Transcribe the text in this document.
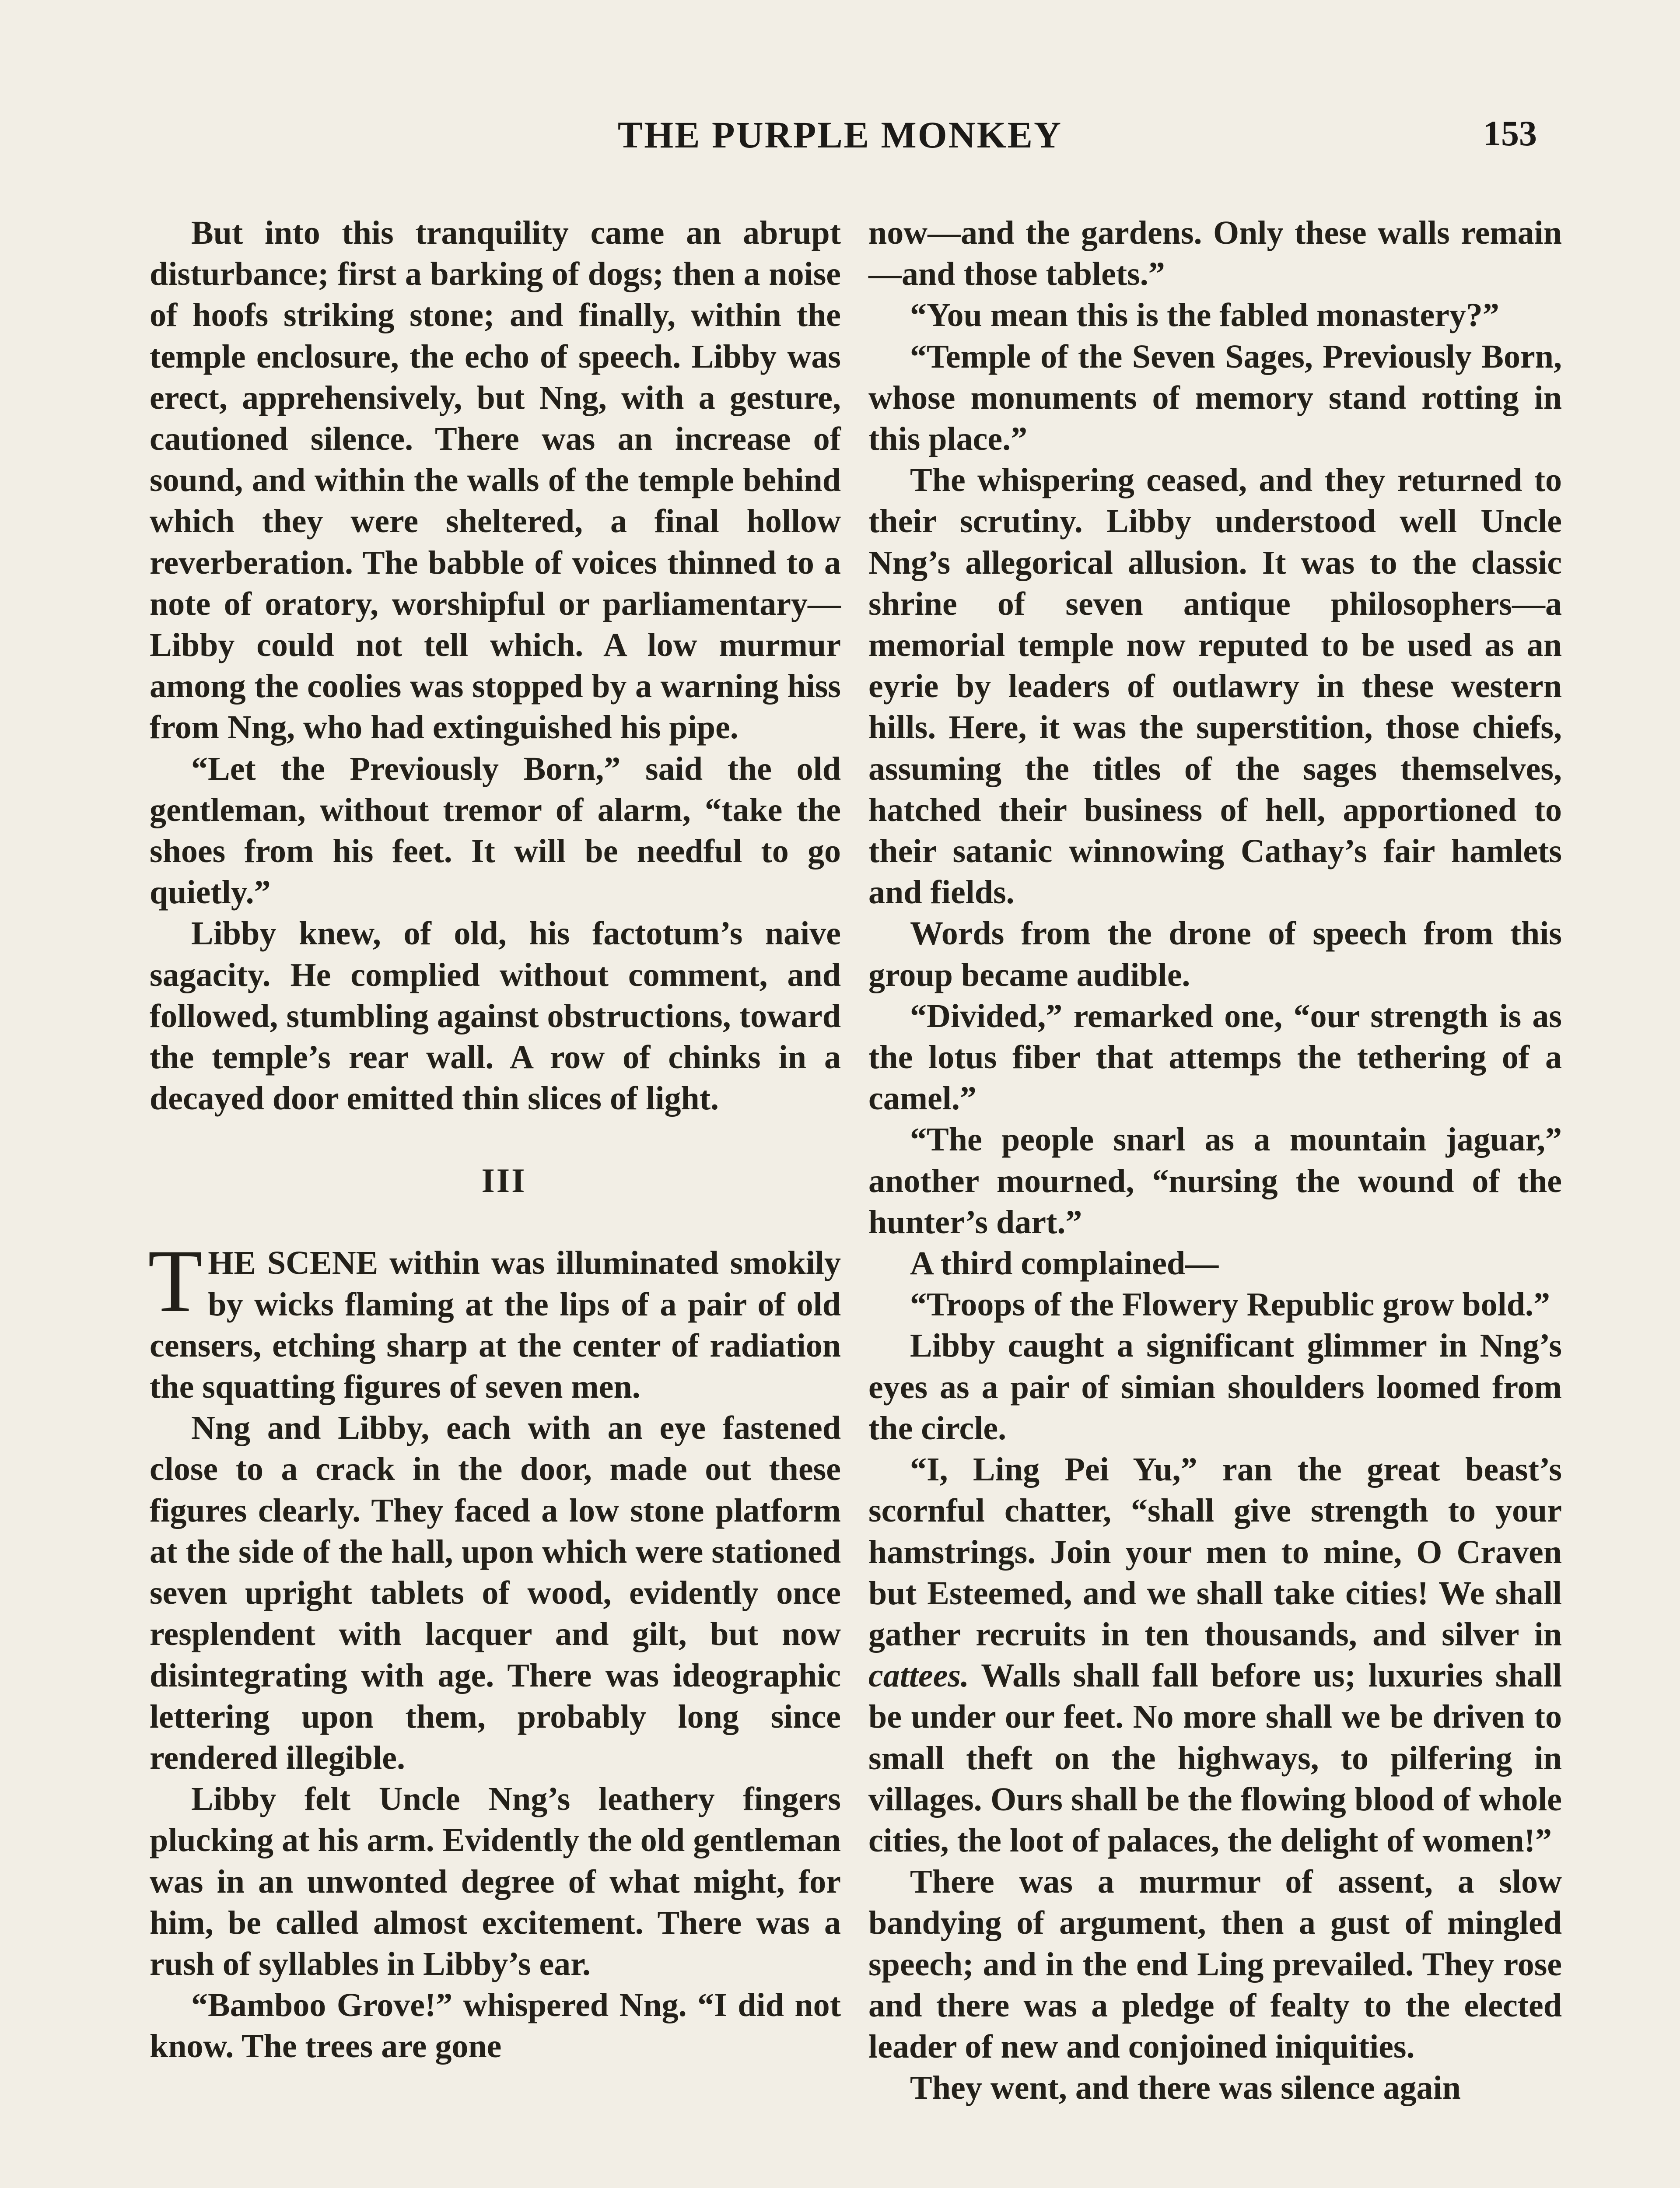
THE PURPLE MONKEY	153

But into this tranquility came an abrupt disturbance; first a barking of dogs; then a noise of hoofs striking stone; and finally, within the temple enclosure, the echo of speech. Libby was erect, apprehensively, but Nng, with a gesture, cautioned silence. There was an increase of sound, and within the walls of the temple behind which they were sheltered, a final hollow reverberation. The babble of voices thinned to a note of oratory, worshipful or parliamentary—Libby could not tell which. A low murmur among the coolies was stopped by a warning hiss from Nng, who had extinguished his pipe.

“Let the Previously Born,” said the old gentleman, without tremor of alarm, “take the shoes from his feet. It will be needful to go quietly.”

Libby knew, of old, his factotum’s naive sagacity. He complied without comment, and followed, stumbling against obstructions, toward the temple’s rear wall. A row of chinks in a decayed door emitted thin slices of light.

III

THE SCENE within was illuminated smokily by wicks flaming at the lips of a pair of old censers, etching sharp at the center of radiation the squatting figures of seven men.

Nng and Libby, each with an eye fastened close to a crack in the door, made out these figures clearly. They faced a low stone platform at the side of the hall, upon which were stationed seven upright tablets of wood, evidently once resplendent with lacquer and gilt, but now disintegrating with age. There was ideographic lettering upon them, probably long since rendered illegible.

Libby felt Uncle Nng’s leathery fingers plucking at his arm. Evidently the old gentleman was in an unwonted degree of what might, for him, be called almost excitement. There was a rush of syllables in Libby’s ear.

“Bamboo Grove!” whispered Nng. “I did not know. The trees are gone

now—and the gardens. Only these walls remain—and those tablets.”

“You mean this is the fabled monastery?”

“Temple of the Seven Sages, Previously Born, whose monuments of memory stand rotting in this place.”

The whispering ceased, and they returned to their scrutiny. Libby understood well Uncle Nng’s allegorical allusion. It was to the classic shrine of seven antique philosophers—a memorial temple now reputed to be used as an eyrie by leaders of outlawry in these western hills. Here, it was the superstition, those chiefs, assuming the titles of the sages themselves, hatched their business of hell, apportioned to their satanic winnowing Cathay’s fair hamlets and fields.

Words from the drone of speech from this group became audible.

“Divided,” remarked one, “our strength is as the lotus fiber that attemps the tethering of a camel.”

“The people snarl as a mountain jaguar,” another mourned, “nursing the wound of the hunter’s dart.”

A third complained—

“Troops of the Flowery Republic grow bold.”

Libby caught a significant glimmer in Nng’s eyes as a pair of simian shoulders loomed from the circle.

“I, Ling Pei Yu,” ran the great beast’s scornful chatter, “shall give strength to your hamstrings. Join your men to mine, O Craven but Esteemed, and we shall take cities! We shall gather recruits in ten thousands, and silver in cattees. Walls shall fall before us; luxuries shall be under our feet. No more shall we be driven to small theft on the highways, to pilfering in villages. Ours shall be the flowing blood of whole cities, the loot of palaces, the delight of women!”

There was a murmur of assent, a slow bandying of argument, then a gust of mingled speech; and in the end Ling prevailed. They rose and there was a pledge of fealty to the elected leader of new and conjoined iniquities.

They went, and there was silence again
